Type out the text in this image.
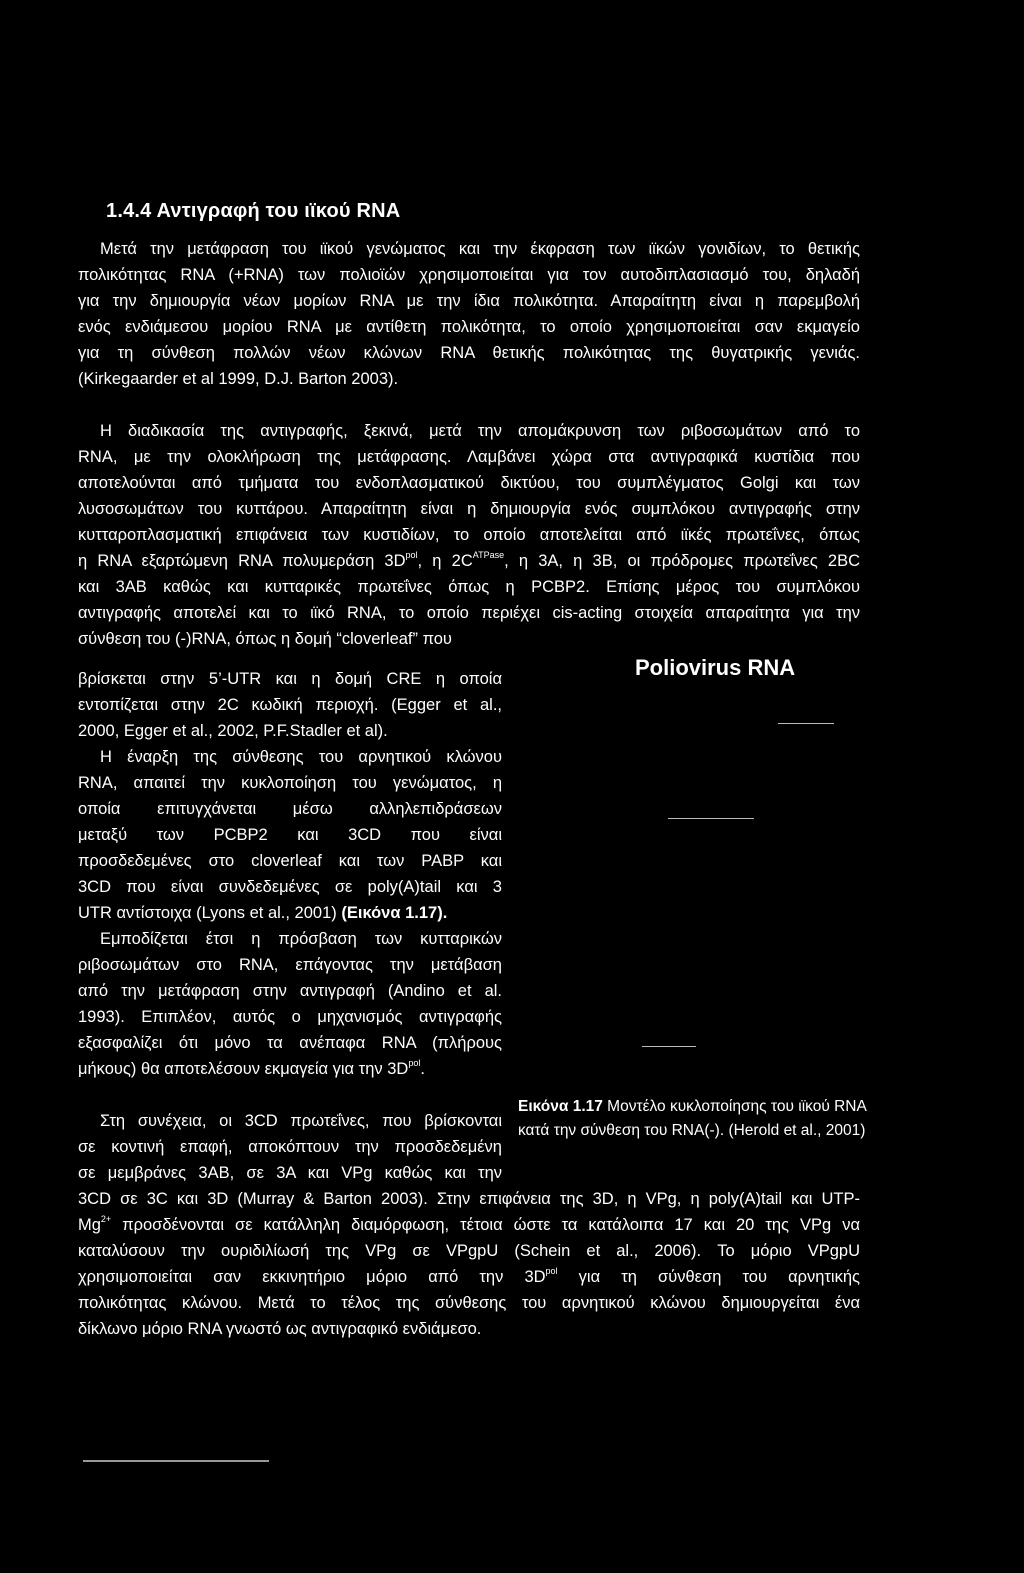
1.4.4 Αντιγραφή του ιϊκού RNA
Μετά την μετάφραση του ιϊκού γενώματος και την έκφραση των ιϊκών γονιδίων, το θετικής
πολικότητας RNA (+RNA) των πολιοϊών χρησιμοποιείται για τον αυτοδιπλασιασμό του, δηλαδή
για την δημιουργία νέων μορίων RNA με την ίδια πολικότητα. Απαραίτητη είναι η παρεμβολή
ενός ενδιάμεσου μορίου RNA με αντίθετη πολικότητα, το οποίο χρησιμοποιείται σαν εκμαγείο
για τη σύνθεση πολλών νέων κλώνων RNA θετικής πολικότητας της θυγατρικής γενιάς.
(Kirkegaarder et al 1999, D.J. Barton 2003).
Η διαδικασία της αντιγραφής, ξεκινά, μετά την απομάκρυνση των ριβοσωμάτων από το
RNA, με την ολοκλήρωση της μετάφρασης. Λαμβάνει χώρα στα αντιγραφικά κυστίδια που
αποτελούνται από τμήματα του ενδοπλασματικού δικτύου, του συμπλέγματος Golgi και των
λυσοσωμάτων του κυττάρου. Απαραίτητη είναι η δημιουργία ενός συμπλόκου αντιγραφής στην
κυτταροπλασματική επιφάνεια των κυστιδίων, το οποίο αποτελείται από ιϊκές πρωτεΐνες, όπως
η RNA εξαρτώμενη RNA πολυμεράση $3D^{pol}$, η $2C^{ATPase}$, η 3A, η 3B, οι πρόδρομες πρωτεΐνες 2BC
και 3AB καθώς και κυτταρικές πρωτεΐνες όπως η PCBP2. Επίσης μέρος του συμπλόκου
αντιγραφής αποτελεί και το ιϊκό RNA, το οποίο περιέχει cis-acting στοιχεία απαραίτητα για την
σύνθεση του (-)RNA, όπως η δομή “cloverleaf” που
βρίσκεται στην 5’-UTR και η δομή CRE η οποία
εντοπίζεται στην 2C κωδική περιοχή. (Egger et al.,
2000, Egger et al., 2002, P.F.Stadler et al).
Η έναρξη της σύνθεσης του αρνητικού κλώνου
RNA, απαιτεί την κυκλοποίηση του γενώματος, η
οποία επιτυγχάνεται μέσω αλληλεπιδράσεων
μεταξύ των PCBP2 και 3CD που είναι
προσδεδεμένες στο cloverleaf και των PABP και
3CD που είναι συνδεδεμένες σε poly(A)tail και 3
UTR αντίστοιχα (Lyons et al., 2001) (Εικόνα 1.17).
Εμποδίζεται έτσι η πρόσβαση των κυτταρικών
ριβοσωμάτων στο RNA, επάγοντας την μετάβαση
από την μετάφραση στην αντιγραφή (Andino et al.
1993). Επιπλέον, αυτός ο μηχανισμός αντιγραφής
εξασφαλίζει ότι μόνο τα ανέπαφα RNA (πλήρους
μήκους) θα αποτελέσουν εκμαγεία για την $3D^{pol}$.
Στη συνέχεια, οι 3CD πρωτεΐνες, που βρίσκονται
σε κοντινή επαφή, αποκόπτουν την προσδεδεμένη
σε μεμβράνες 3AB, σε 3A και VPg καθώς και την
3CD σε 3C και 3D (Murray & Barton 2003). Στην επιφάνεια της 3D, η VPg, η poly(A)tail και UTP-
$Mg^{2+}$ προσδένονται σε κατάλληλη διαμόρφωση, τέτοια ώστε τα κατάλοιπα 17 και 20 της VPg να
καταλύσουν την ουριδιλίωσή της VPg σε VPgpU (Schein et al., 2006). Το μόριο VPgpU
χρησιμοποιείται σαν εκκινητήριο μόριο από την $3D^{pol}$ για τη σύνθεση του αρνητικής
πολικότητας κλώνου. Μετά το τέλος της σύνθεσης του αρνητικού κλώνου δημιουργείται ένα
δίκλωνο μόριο RNA γνωστό ως αντιγραφικό ενδιάμεσο.
Poliovirus RNA
Εικόνα 1.17 Μοντέλο κυκλοποίησης του ιϊκού RNA
κατά την σύνθεση του RNA(-). (Herold et al., 2001)
